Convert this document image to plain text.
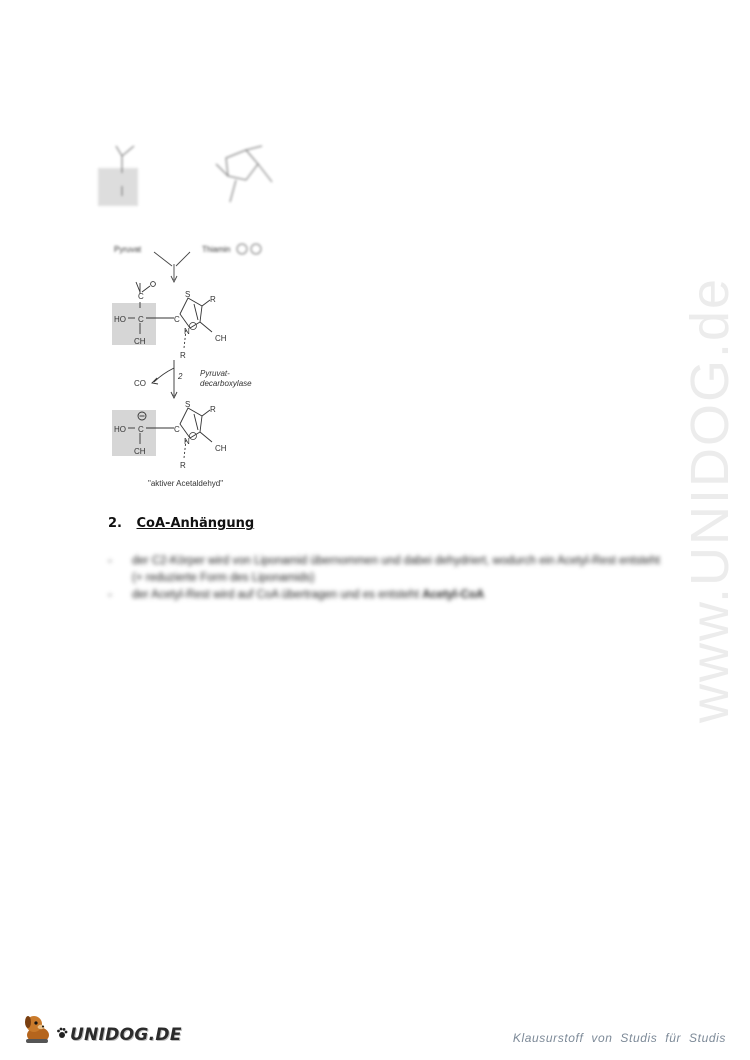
Pyruvat	Thiamin
C
HO C
CH
C
S
N
R
CH
R
2
CO
Pyruvat-
decarboxylase
HO C
CH
C
S
N
R
CH
R
"aktiver Acetaldehyd"
2. CoA-Anhängung
-	der C2-Körper wird von Liponamid übernommen und dabei dehydriert, wodurch ein Acetyl-Rest entsteht (+ reduzierte Form des Liponamids)
-	der Acetyl-Rest wird auf CoA übertragen und es entsteht Acetyl-CoA	www.UNIDOG.de
UNIDOG.DE	Klausurstoff von Studis für Studis
